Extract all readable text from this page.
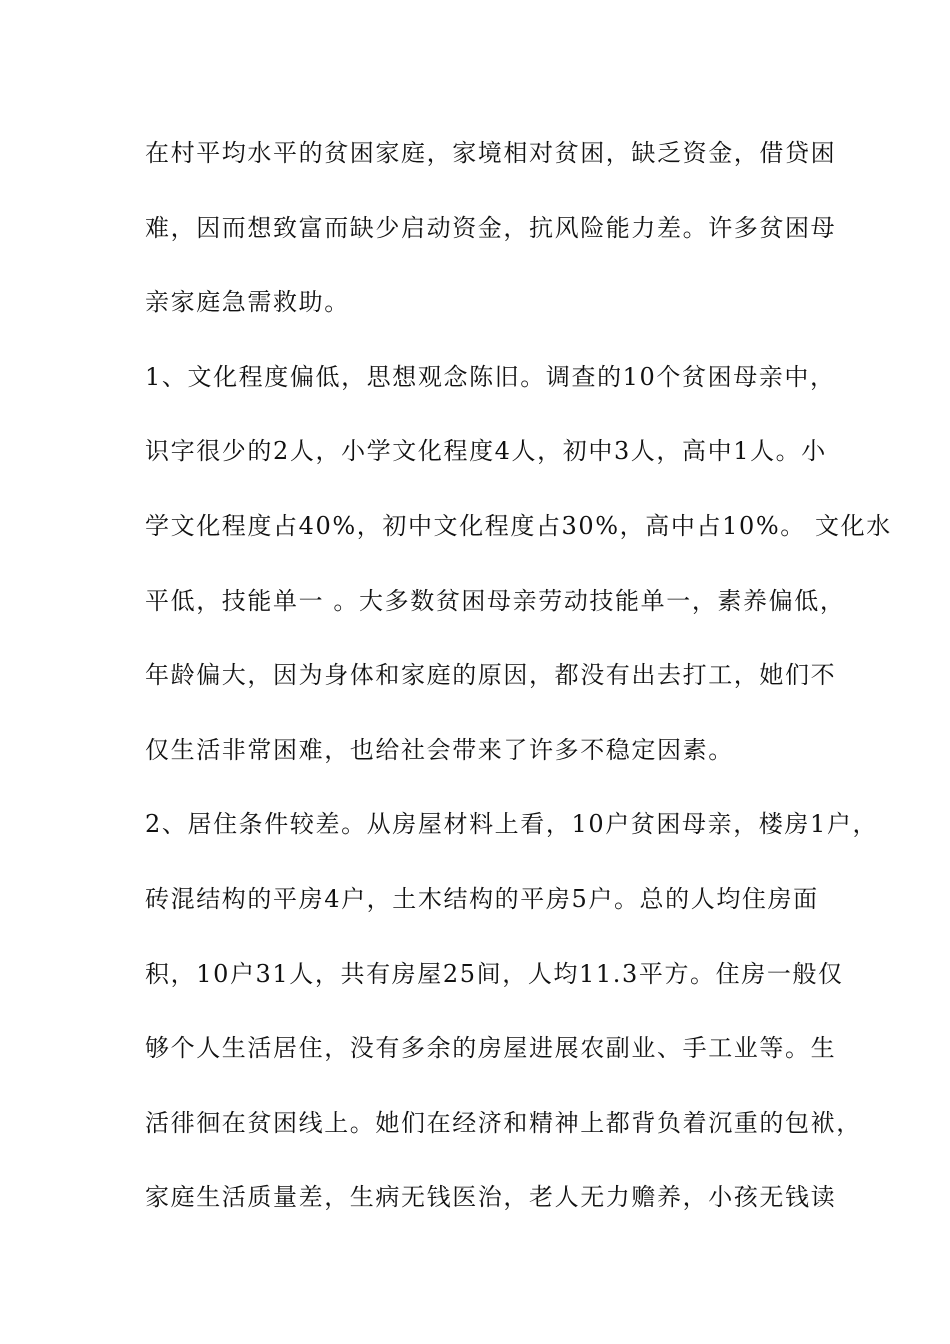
在村平均水平的贫困家庭，家境相对贫困，缺乏资金，借贷困
难，因而想致富而缺少启动资金，抗风险能力差。许多贫困母
亲家庭急需救助。
1、文化程度偏低，思想观念陈旧。调查的10个贫困母亲中，
识字很少的2人，小学文化程度4人，初中3人，高中1人。小
学文化程度占40%，初中文化程度占30%，高中占10%。 文化水
平低，技能单一 。大多数贫困母亲劳动技能单一，素养偏低，
年龄偏大，因为身体和家庭的原因，都没有出去打工，她们不
仅生活非常困难，也给社会带来了许多不稳定因素。
2、居住条件较差。从房屋材料上看，10户贫困母亲，楼房1户，
砖混结构的平房4户，土木结构的平房5户。总的人均住房面
积，10户31人，共有房屋25间，人均11.3平方。住房一般仅
够个人生活居住，没有多余的房屋进展农副业、手工业等。生
活徘徊在贫困线上。她们在经济和精神上都背负着沉重的包袱，
家庭生活质量差，生病无钱医治，老人无力赡养，小孩无钱读
